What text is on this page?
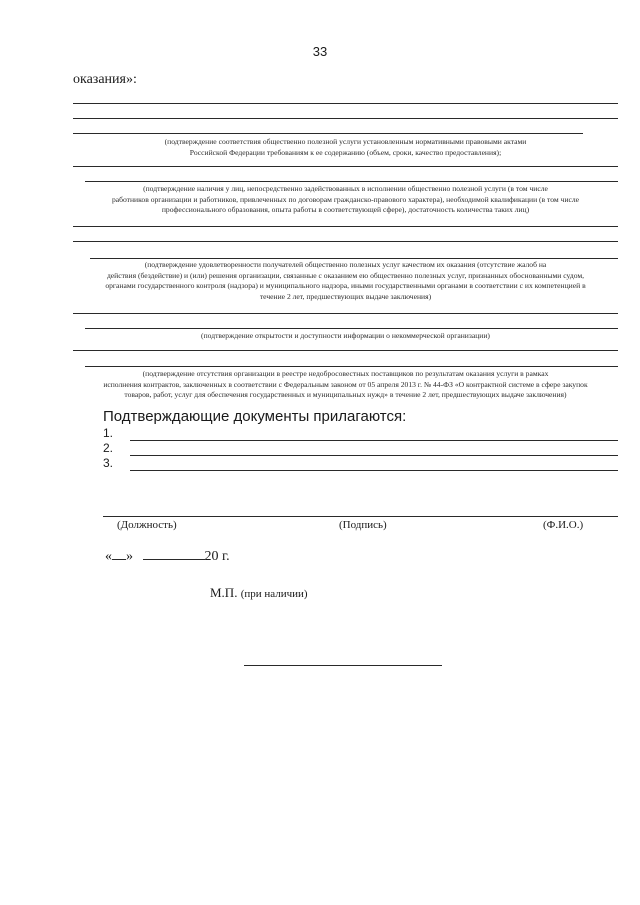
33
оказания»:
(подтверждение соответствия общественно полезной услуги установленным нормативными правовыми актами
Российской Федерации требованиям к ее содержанию (объем, сроки, качество предоставления);
(подтверждение наличия у лиц, непосредственно задействованных в исполнении общественно полезной услуги (в том числе
работников организации и работников, привлеченных по договорам гражданско-правового характера), необходимой квалификации (в том числе
профессионального образования, опыта работы в соответствующей сфере), достаточность количества таких лиц)
(подтверждение удовлетворенности получателей общественно полезных услуг качеством их оказания (отсутствие жалоб на
действия (бездействие) и (или) решения организации, связанные с оказанием ею общественно полезных услуг, признанных обоснованными судом,
органами государственного контроля (надзора) и муниципального надзора, иными государственными органами в соответствии с их компетенцией в
течение 2 лет, предшествующих выдаче заключения)
(подтверждение открытости и доступности информации о некоммерческой организации)
(подтверждение отсутствия организации в реестре недобросовестных поставщиков по результатам оказания услуги в рамках
исполнения контрактов, заключенных в соответствии с Федеральным законом от 05 апреля 2013 г. № 44-ФЗ «О контрактной системе в сфере закупок
товаров, работ, услуг для обеспечения государственных и муниципальных нужд» в течение 2 лет, предшествующих выдаче заключения)
Подтверждающие документы прилагаются:
1.
2.
3.
(Должность)	(Подпись)	(Ф.И.О.)
« »	20 г.
М.П. (при наличии)
